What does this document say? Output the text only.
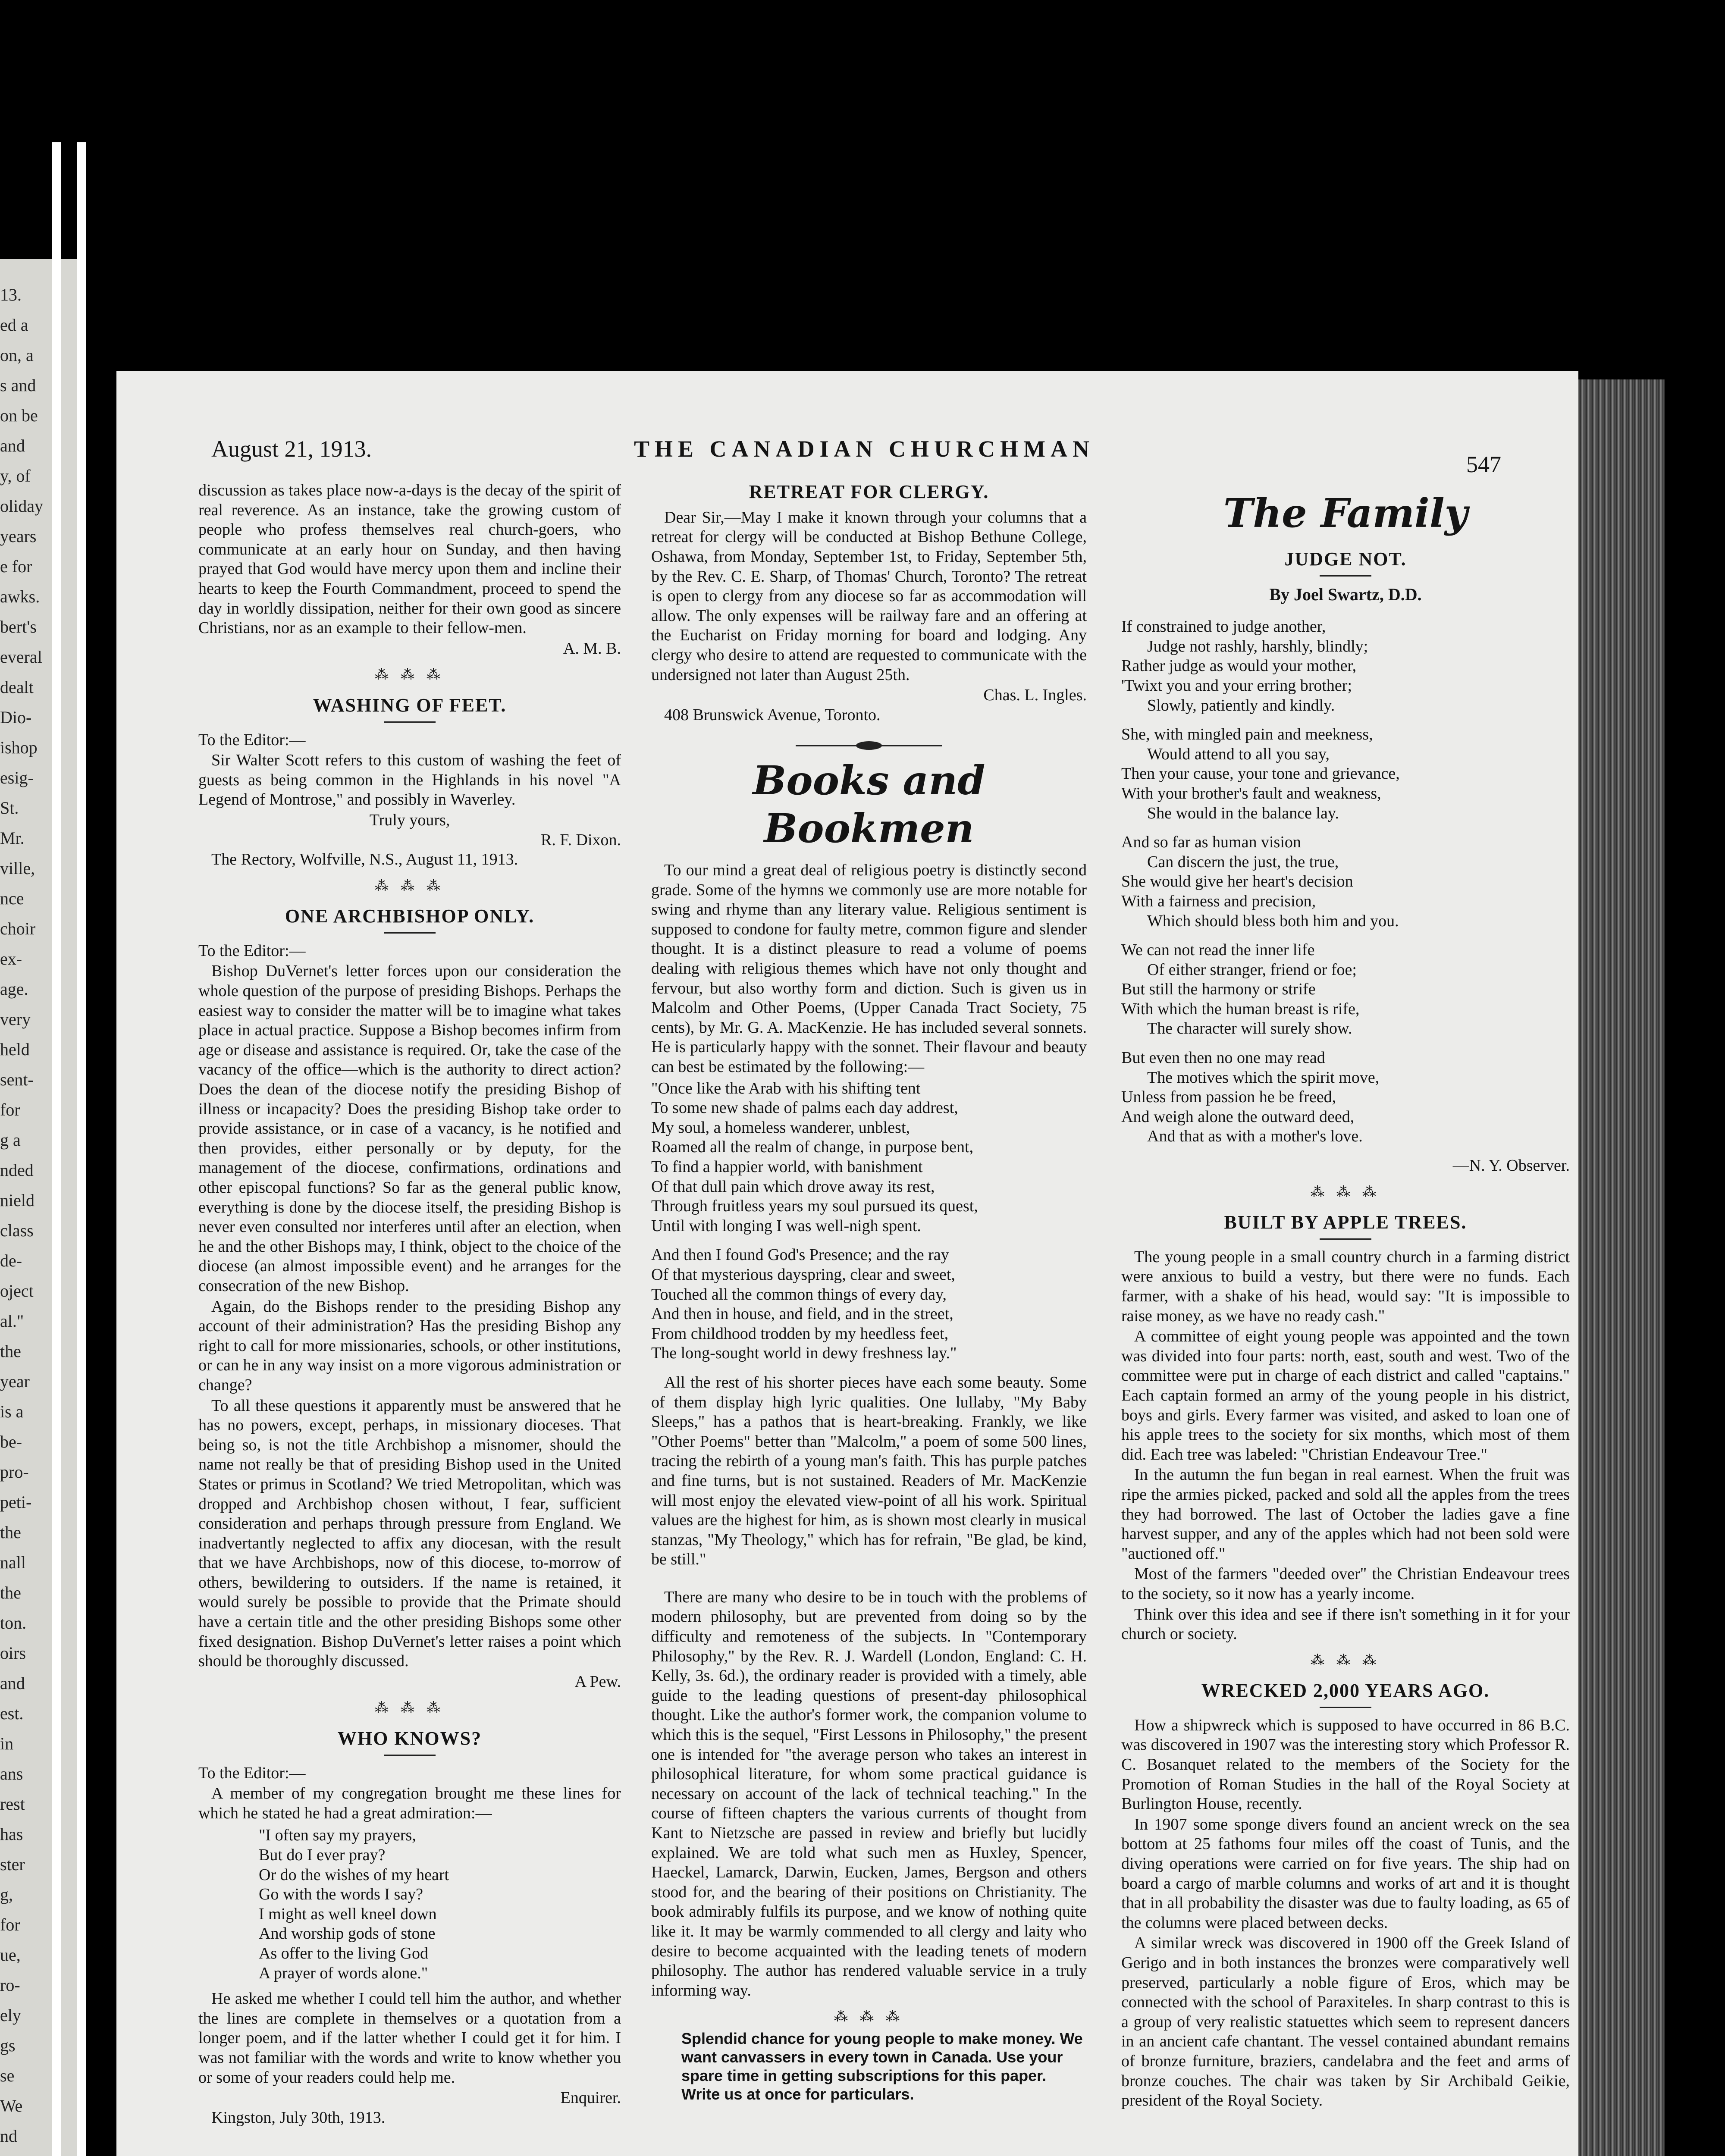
13.
ed a
on, a
s and
on be
and
y, of
oliday
years
e for
awks.
bert's
everal
dealt
Dio-
ishop
esig-
St.
Mr.
ville,
nce
choir
ex-
age.
very
held
sent-
for
g a
nded
nield
class
de-
oject
al."
the
year
is a
be-
pro-
peti-
the
nall
the
ton.
oirs
and
est.
in
ans
rest
has
ster
g,
for
ue,
ro-
ely
gs
se
We
nd
August 21, 1913.	THE CANADIAN CHURCHMAN
547

discussion as takes place now-a-days is the decay of the spirit of real reverence. As an instance, take the growing custom of people who profess themselves real church-goers, who communicate at an early hour on Sunday, and then having prayed that God would have mercy upon them and incline their hearts to keep the Fourth Commandment, proceed to spend the day in worldly dissipation, neither for their own good as sincere Christians, nor as an example to their fellow-men.

A. M. B.
⁂ ⁂ ⁂
WASHING OF FEET.

To the Editor:—

Sir Walter Scott refers to this custom of washing the feet of guests as being common in the Highlands in his novel "A Legend of Montrose," and possibly in Waverley.

Truly yours,
R. F. Dixon.
The Rectory, Wolfville, N.S., August 11, 1913.
⁂ ⁂ ⁂
ONE ARCHBISHOP ONLY.

To the Editor:—

Bishop DuVernet's letter forces upon our consideration the whole question of the purpose of presiding Bishops. Perhaps the easiest way to consider the matter will be to imagine what takes place in actual practice. Suppose a Bishop becomes infirm from age or disease and assistance is required. Or, take the case of the vacancy of the office—which is the authority to direct action? Does the dean of the diocese notify the presiding Bishop of illness or incapacity? Does the presiding Bishop take order to provide assistance, or in case of a vacancy, is he notified and then provides, either personally or by deputy, for the management of the diocese, confirmations, ordinations and other episcopal functions? So far as the general public know, everything is done by the diocese itself, the presiding Bishop is never even consulted nor interferes until after an election, when he and the other Bishops may, I think, object to the choice of the diocese (an almost impossible event) and he arranges for the consecration of the new Bishop.

Again, do the Bishops render to the presiding Bishop any account of their administration? Has the presiding Bishop any right to call for more missionaries, schools, or other institutions, or can he in any way insist on a more vigorous administration or change?

To all these questions it apparently must be answered that he has no powers, except, perhaps, in missionary dioceses. That being so, is not the title Archbishop a misnomer, should the name not really be that of presiding Bishop used in the United States or primus in Scotland? We tried Metropolitan, which was dropped and Archbishop chosen without, I fear, sufficient consideration and perhaps through pressure from England. We inadvertantly neglected to affix any diocesan, with the result that we have Archbishops, now of this diocese, to-morrow of others, bewildering to outsiders. If the name is retained, it would surely be possible to provide that the Primate should have a certain title and the other presiding Bishops some other fixed designation. Bishop DuVernet's letter raises a point which should be thoroughly discussed.

A Pew.
⁂ ⁂ ⁂
WHO KNOWS?

To the Editor:—

A member of my congregation brought me these lines for which he stated he had a great admiration:—

"I often say my prayers,
But do I ever pray?
Or do the wishes of my heart
Go with the words I say?
I might as well kneel down
And worship gods of stone
As offer to the living God
A prayer of words alone."

He asked me whether I could tell him the author, and whether the lines are complete in themselves or a quotation from a longer poem, and if the latter whether I could get it for him. I was not familiar with the words and write to know whether you or some of your readers could help me.

Enquirer.
Kingston, July 30th, 1913.
RETREAT FOR CLERGY.

Dear Sir,—May I make it known through your columns that a retreat for clergy will be conducted at Bishop Bethune College, Oshawa, from Monday, September 1st, to Friday, September 5th, by the Rev. C. E. Sharp, of Thomas' Church, Toronto? The retreat is open to clergy from any diocese so far as accommodation will allow. The only expenses will be railway fare and an offering at the Eucharist on Friday morning for board and lodging. Any clergy who desire to attend are requested to communicate with the undersigned not later than August 25th.

Chas. L. Ingles.
408 Brunswick Avenue, Toronto.
Books and Bookmen

To our mind a great deal of religious poetry is distinctly second grade. Some of the hymns we commonly use are more notable for swing and rhyme than any literary value. Religious sentiment is supposed to condone for faulty metre, common figure and slender thought. It is a distinct pleasure to read a volume of poems dealing with religious themes which have not only thought and fervour, but also worthy form and diction. Such is given us in Malcolm and Other Poems, (Upper Canada Tract Society, 75 cents), by Mr. G. A. MacKenzie. He has included several sonnets. He is particularly happy with the sonnet. Their flavour and beauty can best be estimated by the following:—

"Once like the Arab with his shifting tent
To some new shade of palms each day addrest,
My soul, a homeless wanderer, unblest,
Roamed all the realm of change, in purpose bent,
To find a happier world, with banishment
Of that dull pain which drove away its rest,
Through fruitless years my soul pursued its quest,
Until with longing I was well-nigh spent.
And then I found God's Presence; and the ray
Of that mysterious dayspring, clear and sweet,
Touched all the common things of every day,
And then in house, and field, and in the street,
From childhood trodden by my heedless feet,
The long-sought world in dewy freshness lay."

All the rest of his shorter pieces have each some beauty. Some of them display high lyric qualities. One lullaby, "My Baby Sleeps," has a pathos that is heart-breaking. Frankly, we like "Other Poems" better than "Malcolm," a poem of some 500 lines, tracing the rebirth of a young man's faith. This has purple patches and fine turns, but is not sustained. Readers of Mr. MacKenzie will most enjoy the elevated view-point of all his work. Spiritual values are the highest for him, as is shown most clearly in musical stanzas, "My Theology," which has for refrain, "Be glad, be kind, be still."

There are many who desire to be in touch with the problems of modern philosophy, but are prevented from doing so by the difficulty and remoteness of the subjects. In "Contemporary Philosophy," by the Rev. R. J. Wardell (London, England: C. H. Kelly, 3s. 6d.), the ordinary reader is provided with a timely, able guide to the leading questions of present-day philosophical thought. Like the author's former work, the companion volume to which this is the sequel, "First Lessons in Philosophy," the present one is intended for "the average person who takes an interest in philosophical literature, for whom some practical guidance is necessary on account of the lack of technical teaching." In the course of fifteen chapters the various currents of thought from Kant to Nietzsche are passed in review and briefly but lucidly explained. We are told what such men as Huxley, Spencer, Haeckel, Lamarck, Darwin, Eucken, James, Bergson and others stood for, and the bearing of their positions on Christianity. The book admirably fulfils its purpose, and we know of nothing quite like it. It may be warmly commended to all clergy and laity who desire to become acquainted with the leading tenets of modern philosophy. The author has rendered valuable service in a truly informing way.

⁂ ⁂ ⁂
Splendid chance for young people to make money. We want canvassers in every town in Canada. Use your spare time in getting subscriptions for this paper. Write us at once for particulars.
The Family
JUDGE NOT.
By Joel Swartz, D.D.
If constrained to judge another,
Judge not rashly, harshly, blindly;
Rather judge as would your mother,
'Twixt you and your erring brother;
Slowly, patiently and kindly.
She, with mingled pain and meekness,
Would attend to all you say,
Then your cause, your tone and grievance,
With your brother's fault and weakness,
She would in the balance lay.
And so far as human vision
Can discern the just, the true,
She would give her heart's decision
With a fairness and precision,
Which should bless both him and you.
We can not read the inner life
Of either stranger, friend or foe;
But still the harmony or strife
With which the human breast is rife,
The character will surely show.
But even then no one may read
The motives which the spirit move,
Unless from passion he be freed,
And weigh alone the outward deed,
And that as with a mother's love.
—N. Y. Observer.
⁂ ⁂ ⁂
BUILT BY APPLE TREES.

The young people in a small country church in a farming district were anxious to build a vestry, but there were no funds. Each farmer, with a shake of his head, would say: "It is impossible to raise money, as we have no ready cash."

A committee of eight young people was appointed and the town was divided into four parts: north, east, south and west. Two of the committee were put in charge of each district and called "captains." Each captain formed an army of the young people in his district, boys and girls. Every farmer was visited, and asked to loan one of his apple trees to the society for six months, which most of them did. Each tree was labeled: "Christian Endeavour Tree."

In the autumn the fun began in real earnest. When the fruit was ripe the armies picked, packed and sold all the apples from the trees they had borrowed. The last of October the ladies gave a fine harvest supper, and any of the apples which had not been sold were "auctioned off."

Most of the farmers "deeded over" the Christian Endeavour trees to the society, so it now has a yearly income.

Think over this idea and see if there isn't something in it for your church or society.

⁂ ⁂ ⁂
WRECKED 2,000 YEARS AGO.

How a shipwreck which is supposed to have occurred in 86 B.C. was discovered in 1907 was the interesting story which Professor R. C. Bosanquet related to the members of the Society for the Promotion of Roman Studies in the hall of the Royal Society at Burlington House, recently.

In 1907 some sponge divers found an ancient wreck on the sea bottom at 25 fathoms four miles off the coast of Tunis, and the diving operations were carried on for five years. The ship had on board a cargo of marble columns and works of art and it is thought that in all probability the disaster was due to faulty loading, as 65 of the columns were placed between decks.

A similar wreck was discovered in 1900 off the Greek Island of Gerigo and in both instances the bronzes were comparatively well preserved, particularly a noble figure of Eros, which may be connected with the school of Paraxiteles. In sharp contrast to this is a group of very realistic statuettes which seem to represent dancers in an ancient cafe chantant. The vessel contained abundant remains of bronze furniture, braziers, candelabra and the feet and arms of bronze couches. The chair was taken by Sir Archibald Geikie, president of the Royal Society.
